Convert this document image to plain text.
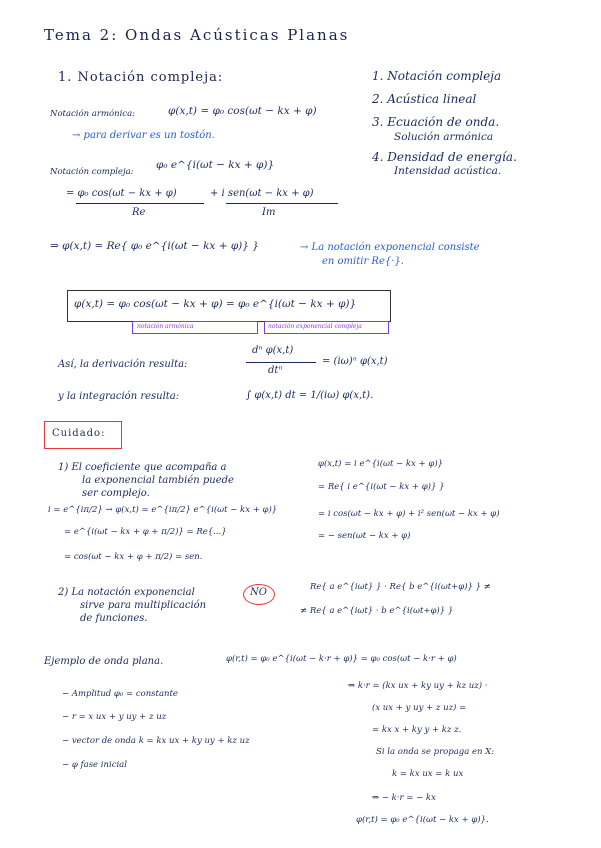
Tema 2: Ondas Acústicas Planas
1. Notación compleja:	1. Notación compleja
2. Acústica lineal
3. Ecuación de onda.
Solución armónica
4. Densidad de energía.
Intensidad acústica.
Notación armónica:	φ(x,t) = φ₀ cos(ωt − kx + φ)
→ para derivar es un tostón.
Notación compleja:
φ₀ e^{i(ωt − kx + φ)}
= φ₀ cos(ωt − kx + φ)	+ i sen(ωt − kx + φ)
Re	Im
⇒ φ(x,t) = Re{ φ₀ e^{i(ωt − kx + φ)} }	→ La notación exponencial consiste
en omitir Re{·}.
φ(x,t) = φ₀ cos(ωt − kx + φ) = φ₀ e^{i(ωt − kx + φ)}
notación armónica	notación exponencial compleja
Así, la derivación resulta:
dⁿ φ(x,t)
dtⁿ
= (iω)ⁿ φ(x,t)
y la integración resulta:	∫ φ(x,t) dt = 1/(iω) φ(x,t).
Cuidado:
1) El coeficiente que acompaña a
la exponencial también puede
ser complejo.
i = e^{iπ/2} → φ(x,t) = e^{iπ/2} e^{i(ωt − kx + φ)}
= e^{i(ωt − kx + φ + π/2)} = Re{...}
= cos(ωt − kx + φ + π/2) = sen.
φ(x,t) = i e^{i(ωt − kx + φ)}
= Re{ i e^{i(ωt − kx + φ)} }
= i cos(ωt − kx + φ) + i² sen(ωt − kx + φ)
= − sen(ωt − kx + φ)
2) La notación exponencial	NO
sirve para multiplicación
de funciones.
Re{ a e^{iωt} } · Re{ b e^{i(ωt+φ)} } ≠
≠ Re{ a e^{iωt} · b e^{i(ωt+φ)} }
Ejemplo de onda plana.	φ(r,t) = φ₀ e^{i(ωt − k·r + φ)} = φ₀ cos(ωt − k·r + φ)
− Amplitud φ₀ = constante
− r = x ux + y uy + z uz
− vector de onda k = kx ux + ky uy + kz uz
− φ fase inicial
⇒ k·r = (kx ux + ky uy + kz uz) ·
(x ux + y uy + z uz) =
= kx x + ky y + kz z.
Si la onda se propaga en X:
k = kx ux = k ux
⇒ − k·r = − kx
φ(r,t) = φ₀ e^{i(ωt − kx + φ)}.
